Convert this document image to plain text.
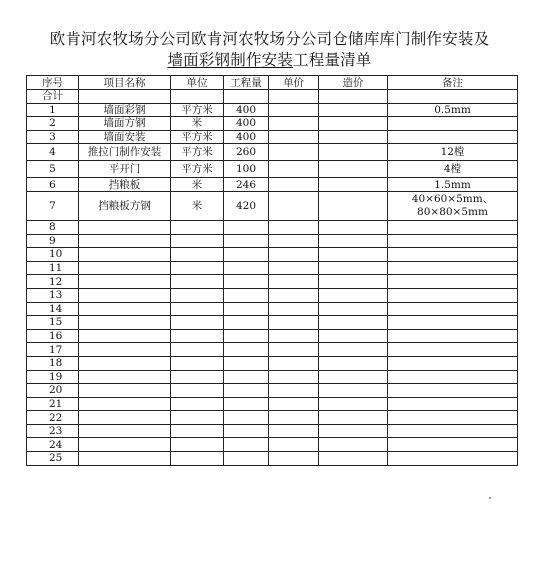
欧肯河农牧场分公司欧肯河农牧场分公司仓储库库门制作安装及
墙面彩钢制作安装工程量清单
序号	项目名称	单位	工程量	单价	造价	备注
合计						
1	墙面彩钢	平方米	400			0.5mm
2	墙面方钢	米	400			
3	墙面安装	平方米	400			
4	推拉门制作安装	平方米	260			12樘
5	平开门	平方米	100			4樘
6	挡粮板	米	246			1.5mm
7	挡粮板方钢	米	420			40×60×5mm、 80×80×5mm
8						
9						
10						
11						
12						
13						
14						
15						
16						
17						
18						
19						
20						
21						
22						
23						
24						
25						
